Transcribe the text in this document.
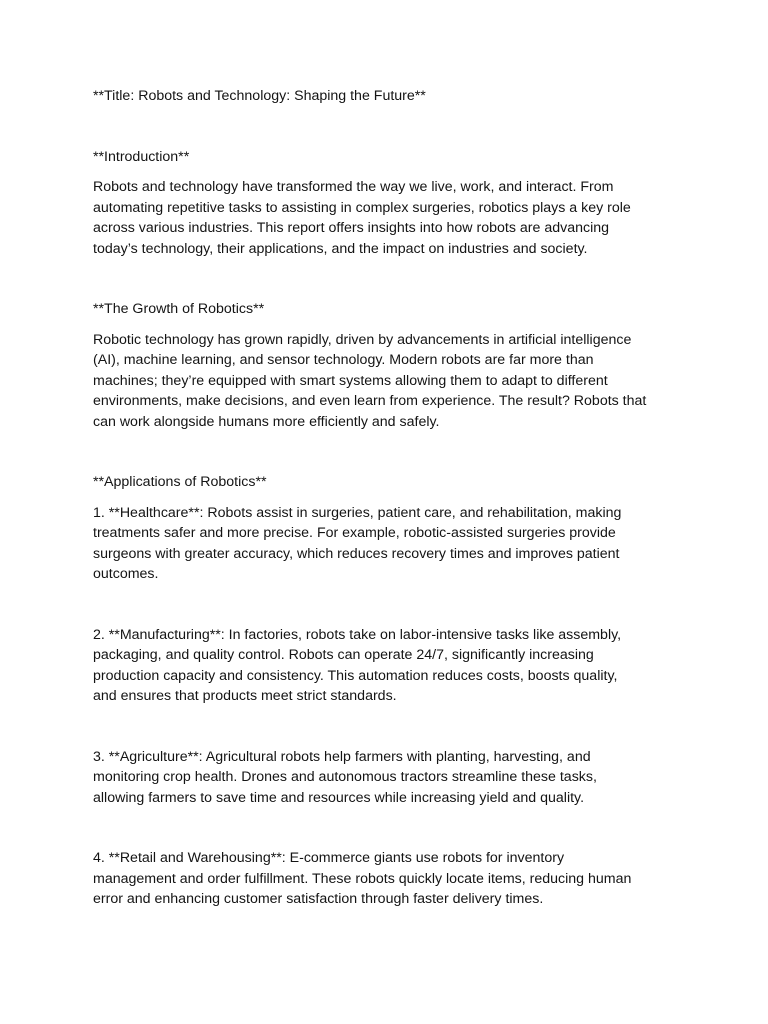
**Title: Robots and Technology: Shaping the Future**
**Introduction**

Robots and technology have transformed the way we live, work, and interact. From
automating repetitive tasks to assisting in complex surgeries, robotics plays a key role
across various industries. This report offers insights into how robots are advancing
today’s technology, their applications, and the impact on industries and society.

**The Growth of Robotics**

Robotic technology has grown rapidly, driven by advancements in artificial intelligence
(AI), machine learning, and sensor technology. Modern robots are far more than
machines; they’re equipped with smart systems allowing them to adapt to different
environments, make decisions, and even learn from experience. The result? Robots that
can work alongside humans more efficiently and safely.

**Applications of Robotics**

1. **Healthcare**: Robots assist in surgeries, patient care, and rehabilitation, making
treatments safer and more precise. For example, robotic-assisted surgeries provide
surgeons with greater accuracy, which reduces recovery times and improves patient
outcomes.

2. **Manufacturing**: In factories, robots take on labor-intensive tasks like assembly,
packaging, and quality control. Robots can operate 24/7, significantly increasing
production capacity and consistency. This automation reduces costs, boosts quality,
and ensures that products meet strict standards.

3. **Agriculture**: Agricultural robots help farmers with planting, harvesting, and
monitoring crop health. Drones and autonomous tractors streamline these tasks,
allowing farmers to save time and resources while increasing yield and quality.

4. **Retail and Warehousing**: E-commerce giants use robots for inventory
management and order fulfillment. These robots quickly locate items, reducing human
error and enhancing customer satisfaction through faster delivery times.
